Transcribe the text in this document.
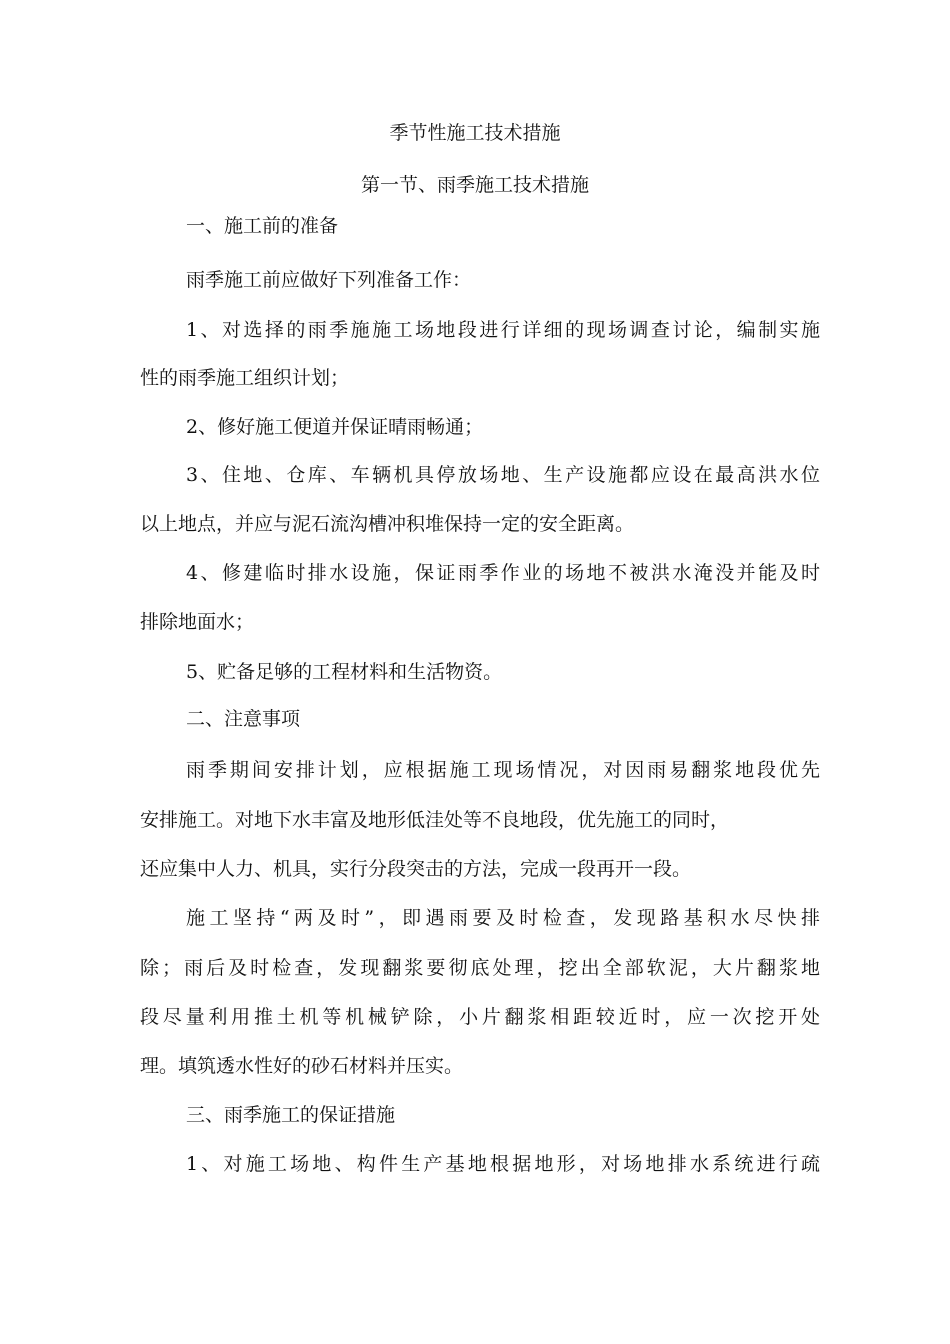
季节性施工技术措施
第一节、雨季施工技术措施
一、施工前的准备
雨季施工前应做好下列准备工作：
1、对选择的雨季施施工场地段进行详细的现场调查讨论，编制实施
性的雨季施工组织计划；
2、修好施工便道并保证晴雨畅通；
3、住地、仓库、车辆机具停放场地、生产设施都应设在最高洪水位
以上地点，并应与泥石流沟槽冲积堆保持一定的安全距离。
4、修建临时排水设施，保证雨季作业的场地不被洪水淹没并能及时
排除地面水；
5、贮备足够的工程材料和生活物资。
二、注意事项
雨季期间安排计划，应根据施工现场情况，对因雨易翻浆地段优先
安排施工。对地下水丰富及地形低洼处等不良地段，优先施工的同时，
还应集中人力、机具，实行分段突击的方法，完成一段再开一段。
施工坚持“两及时”，即遇雨要及时检查，发现路基积水尽快排
除；雨后及时检查，发现翻浆要彻底处理，挖出全部软泥，大片翻浆地
段尽量利用推土机等机械铲除，小片翻浆相距较近时，应一次挖开处
理。填筑透水性好的砂石材料并压实。
三、雨季施工的保证措施
1、对施工场地、构件生产基地根据地形，对场地排水系统进行疏
